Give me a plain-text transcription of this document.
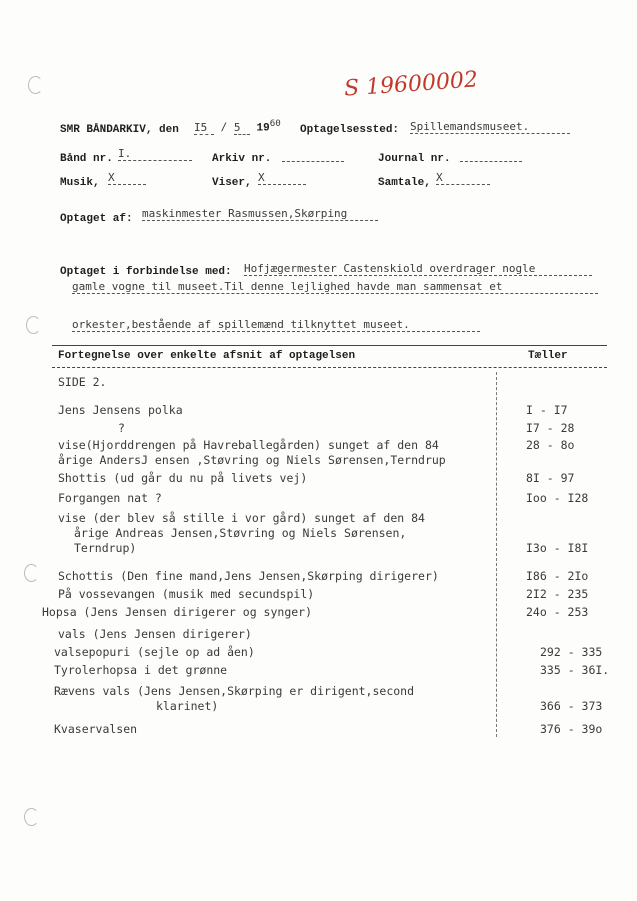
S 19600002
SMR BÅNDARKIV, den I5 / 5 $19^{60}$
Optagelsessted: Spillemandsmuseet.
Bånd nr. I.	Arkiv nr.	Journal nr.
Musik, X	Viser, X	Samtale, X
Optaget af: maskinmester Rasmussen,Skørping
Optaget i forbindelse med: Hofjægermester Castenskiold overdrager nogle
gamle vogne til museet.Til denne lejlighed havde man sammensat et
orkester,bestående af spillemænd tilknyttet museet.
Fortegnelse over enkelte afsnit af optagelsen	Tæller
SIDE 2.
Jens Jensens polka	I - I7
?	I7 - 28
vise(Hjorddrengen på Havreballegården) sunget af den 84
årige AndersJ ensen ,Støvring og Niels Sørensen,Terndrup
28 - 8o
Shottis (ud går du nu på livets vej)	8I - 97
Forgangen nat ?	Ioo - I28
vise (der blev så stille i vor gård) sunget af den 84
årige Andreas Jensen,Støvring og Niels Sørensen,
Terndrup)	I3o - I8I
Schottis (Den fine mand,Jens Jensen,Skørping dirigerer)	I86 - 2Io
På vossevangen (musik med secundspil)	2I2 - 235
Hopsa (Jens Jensen dirigerer og synger)	24o - 253
vals (Jens Jensen dirigerer)
valsepopuri (sejle op ad åen)	292 - 335
Tyrolerhopsa i det grønne	335 - 36I.
Rævens vals (Jens Jensen,Skørping er dirigent,second
klarinet)	366 - 373
Kvaservalsen	376 - 39o
